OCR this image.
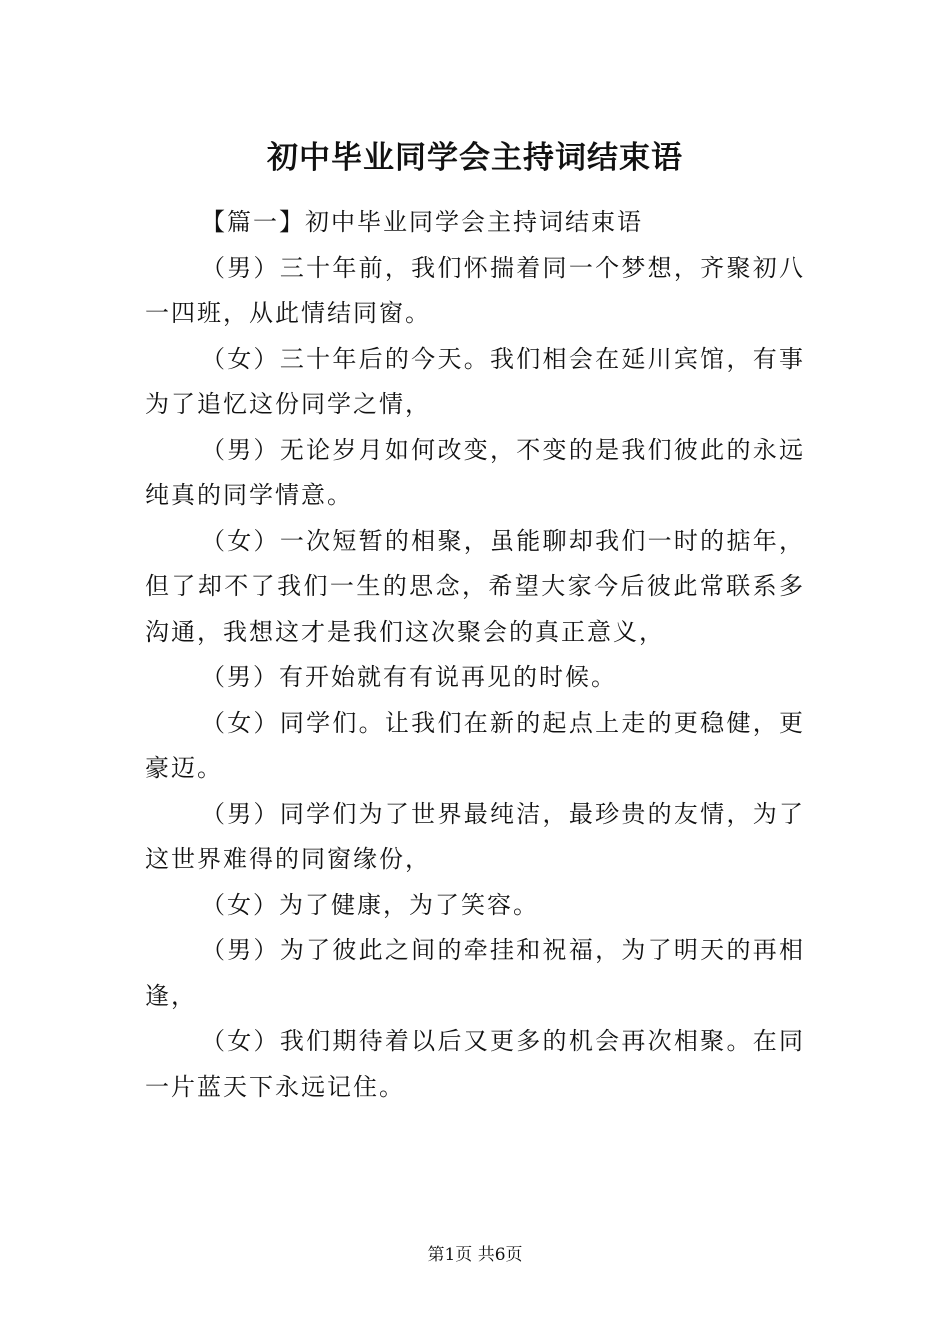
初中毕业同学会主持词结束语

【篇一】初中毕业同学会主持词结束语

（男）三十年前，我们怀揣着同一个梦想，齐聚初八一四班，从此情结同窗。

（女）三十年后的今天。我们相会在延川宾馆，有事为了追忆这份同学之情，

（男）无论岁月如何改变，不变的是我们彼此的永远纯真的同学情意。

（女）一次短暂的相聚，虽能聊却我们一时的掂年，但了却不了我们一生的思念，希望大家今后彼此常联系多沟通，我想这才是我们这次聚会的真正意义，

（男）有开始就有有说再见的时候。

（女）同学们。让我们在新的起点上走的更稳健，更豪迈。

（男）同学们为了世界最纯洁，最珍贵的友情，为了这世界难得的同窗缘份，

（女）为了健康，为了笑容。

（男）为了彼此之间的牵挂和祝福，为了明天的再相逢，

（女）我们期待着以后又更多的机会再次相聚。在同一片蓝天下永远记住。

第1页 共6页
